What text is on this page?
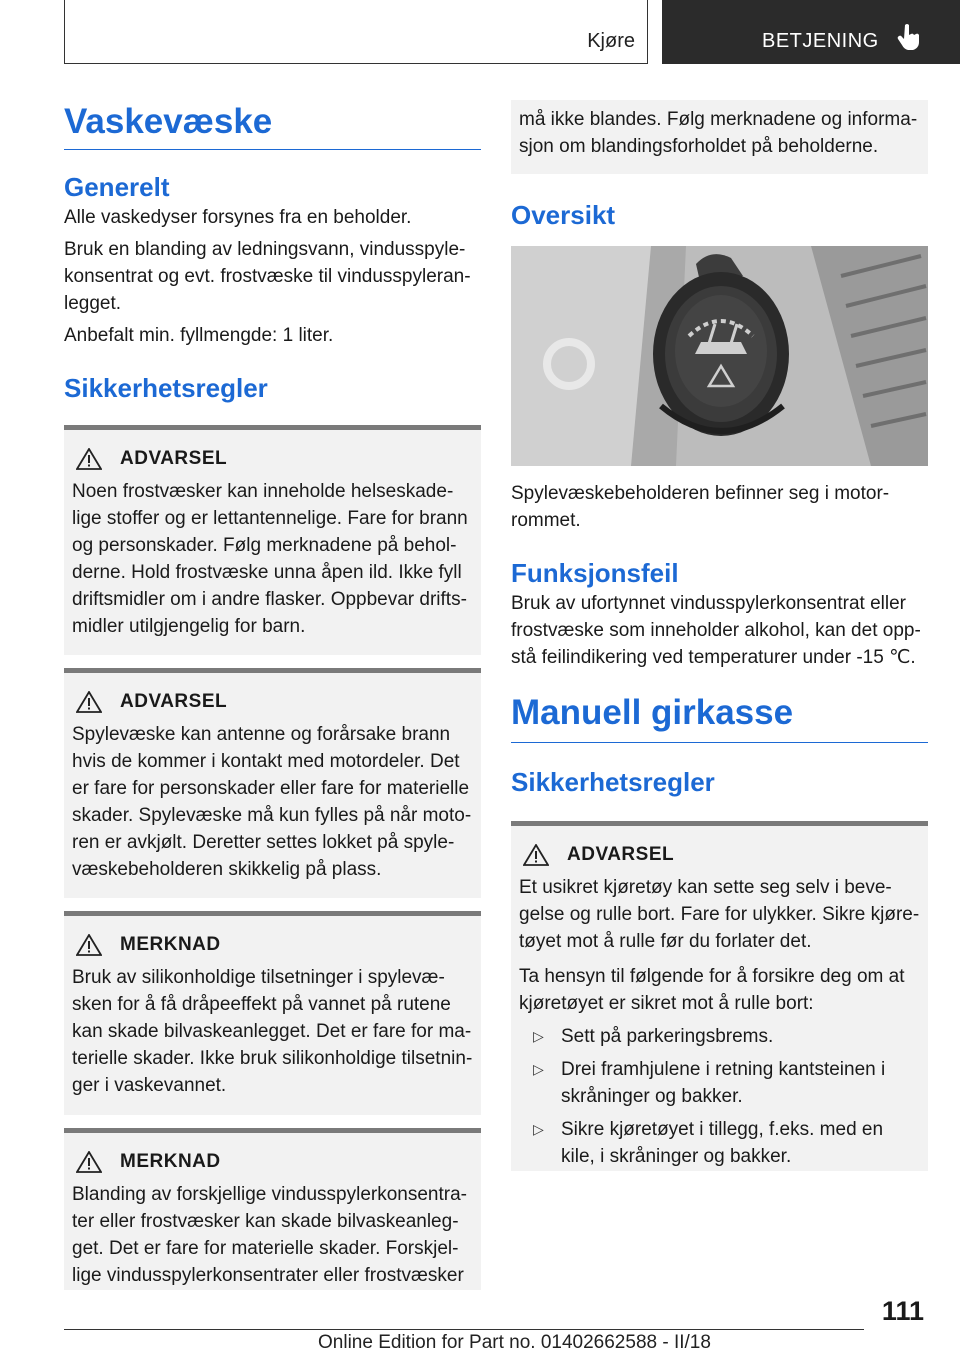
Kjøre	BETJENING
Vaskevæske
Generelt

Alle vaskedyser forsynes fra en beholder.

Bruk en blanding av ledningsvann, vindusspylekonsentrat og evt. frostvæske til vindusspyleranlegget.

Anbefalt min. fyllmengde: 1 liter.

Sikkerhetsregler
ADVARSEL

Noen frostvæsker kan inneholde helseskadelige stoffer og er lettantennelige. Fare for brann og personskader. Følg merknadene på beholderne. Hold frostvæske unna åpen ild. Ikke fyll driftsmidler om i andre flasker. Oppbevar driftsmidler utilgjengelig for barn.

ADVARSEL

Spylevæske kan antenne og forårsake brann hvis de kommer i kontakt med motordeler. Det er fare for personskader eller fare for materielle skader. Spylevæske må kun fylles på når motoren er avkjølt. Deretter settes lokket på spylevæskebeholderen skikkelig på plass.

MERKNAD

Bruk av silikonholdige tilsetninger i spylevæsken for å få dråpeeffekt på vannet på rutene kan skade bilvaskeanlegget. Det er fare for materielle skader. Ikke bruk silikonholdige tilsetninger i vaskevannet.

MERKNAD

Blanding av forskjellige vindusspylerkonsentrater eller frostvæsker kan skade bilvaskeanlegget. Det er fare for materielle skader. Forskjellige vindusspylerkonsentrater eller frostvæsker

må ikke blandes. Følg merknadene og informasjon om blandingsforholdet på beholderne.

Oversikt

Spylevæskebeholderen befinner seg i motorrommet.

Funksjonsfeil

Bruk av ufortynnet vindusspylerkonsentrat eller frostvæske som inneholder alkohol, kan det oppstå feilindikering ved temperaturer under -15 ℃.

Manuell girkasse
Sikkerhetsregler
ADVARSEL

Et usikret kjøretøy kan sette seg selv i bevegelse og rulle bort. Fare for ulykker. Sikre kjøretøyet mot å rulle før du forlater det.

Ta hensyn til følgende for å forsikre deg om at kjøretøyet er sikret mot å rulle bort:

▷ Sett på parkeringsbrems.
▷ Drei framhjulene i retning kantsteinen i skråninger og bakker.
▷ Sikre kjøretøyet i tillegg, f.eks. med en kile, i skråninger og bakker.
111
Online Edition for Part no. 01402662588 - II/18
